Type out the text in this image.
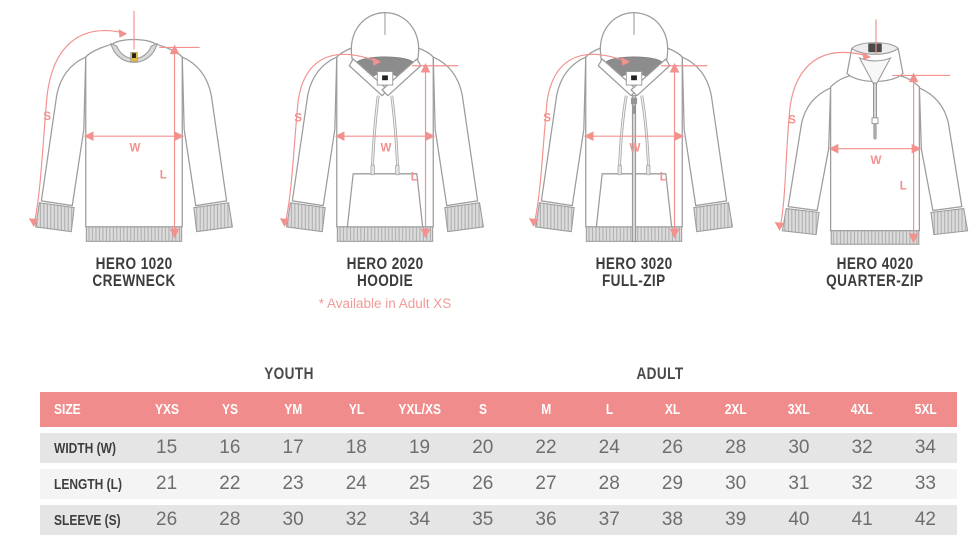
S
W
L
HERO 1020
CREWNECK
S
W
L
HERO 2020
HOODIE
* Available in Adult XS
S
W
L
HERO 3020
FULL-ZIP
S
W
L
HERO 4020
QUARTER-ZIP
YOUTH	ADULT
SIZE	YXS	YS	YM	YL	YXL/XS	S	M	L	XL	2XL	3XL	4XL	5XL
WIDTH (W)	15	16	17	18	19	20	22	24	26	28	30	32	34
LENGTH (L)	21	22	23	24	25	26	27	28	29	30	31	32	33
SLEEVE (S)	26	28	30	32	34	35	36	37	38	39	40	41	42
